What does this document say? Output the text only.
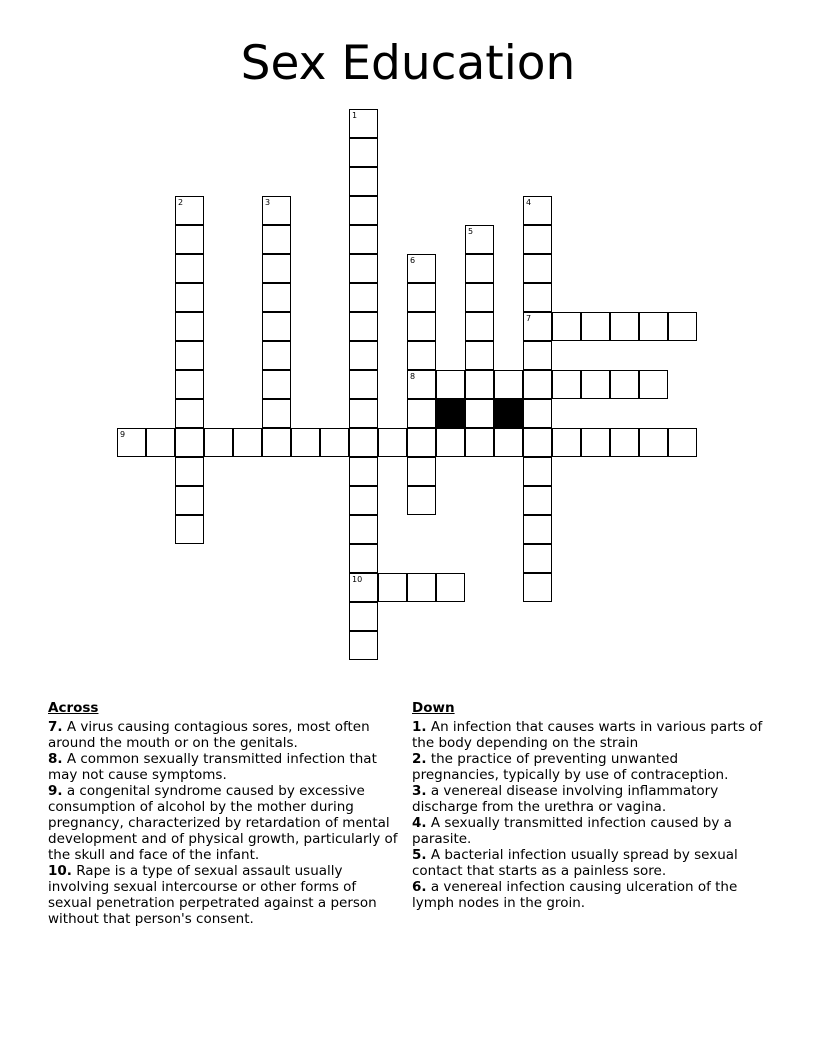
Sex Education
1
10
2	3	4
7
5
6
8
9
Across
7. A virus causing contagious sores, most often around the mouth or on the genitals.
8. A common sexually transmitted infection that may not cause symptoms.
9. a congenital syndrome caused by excessive consumption of alcohol by the mother during pregnancy, characterized by retardation of mental development and of physical growth, particularly of the skull and face of the infant.
10. Rape is a type of sexual assault usually involving sexual intercourse or other forms of sexual penetration perpetrated against a person without that person's consent.
Down
1. An infection that causes warts in various parts of the body depending on the strain
2. the practice of preventing unwanted pregnancies, typically by use of contraception.
3. a venereal disease involving inflammatory discharge from the urethra or vagina.
4. A sexually transmitted infection caused by a parasite.
5. A bacterial infection usually spread by sexual contact that starts as a painless sore.
6. a venereal infection causing ulceration of the lymph nodes in the groin.
